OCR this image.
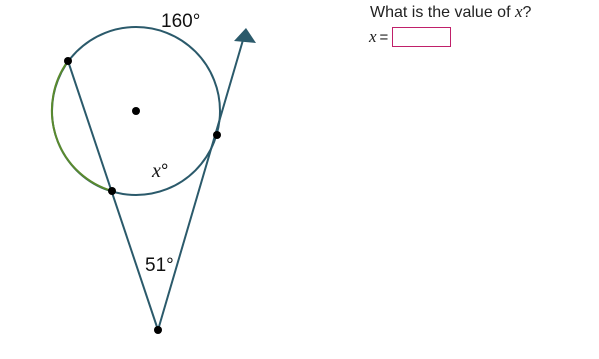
160°
x°
51°
What is the value of x?
x =
